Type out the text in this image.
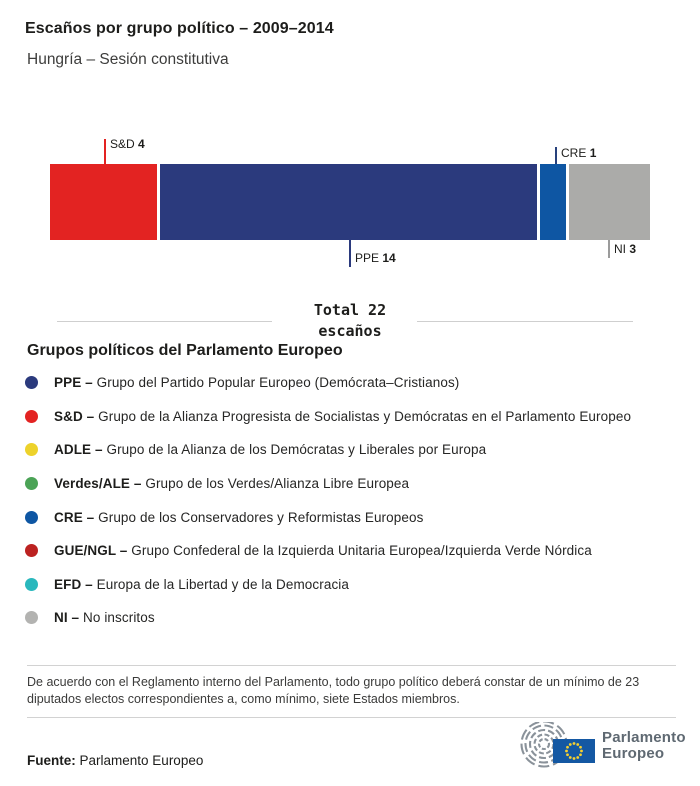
Escaños por grupo político – 2009–2014
Hungría – Sesión constitutiva
S&D 4
CRE 1
PPE 14
NI 3
Total 22
escaños
Grupos políticos del Parlamento Europeo
PPE – Grupo del Partido Popular Europeo (Demócrata–Cristianos)
S&D – Grupo de la Alianza Progresista de Socialistas y Demócratas en el Parlamento Europeo
ADLE – Grupo de la Alianza de los Demócratas y Liberales por Europa
Verdes/ALE – Grupo de los Verdes/Alianza Libre Europea
CRE – Grupo de los Conservadores y Reformistas Europeos
GUE/NGL – Grupo Confederal de la Izquierda Unitaria Europea/Izquierda Verde Nórdica
EFD – Europa de la Libertad y de la Democracia
NI – No inscritos
De acuerdo con el Reglamento interno del Parlamento, todo grupo político deberá constar de un mínimo de 23 diputados electos correspondientes a, como mínimo, siete Estados miembros.
Fuente: Parlamento Europeo
Parlamento
Europeo
